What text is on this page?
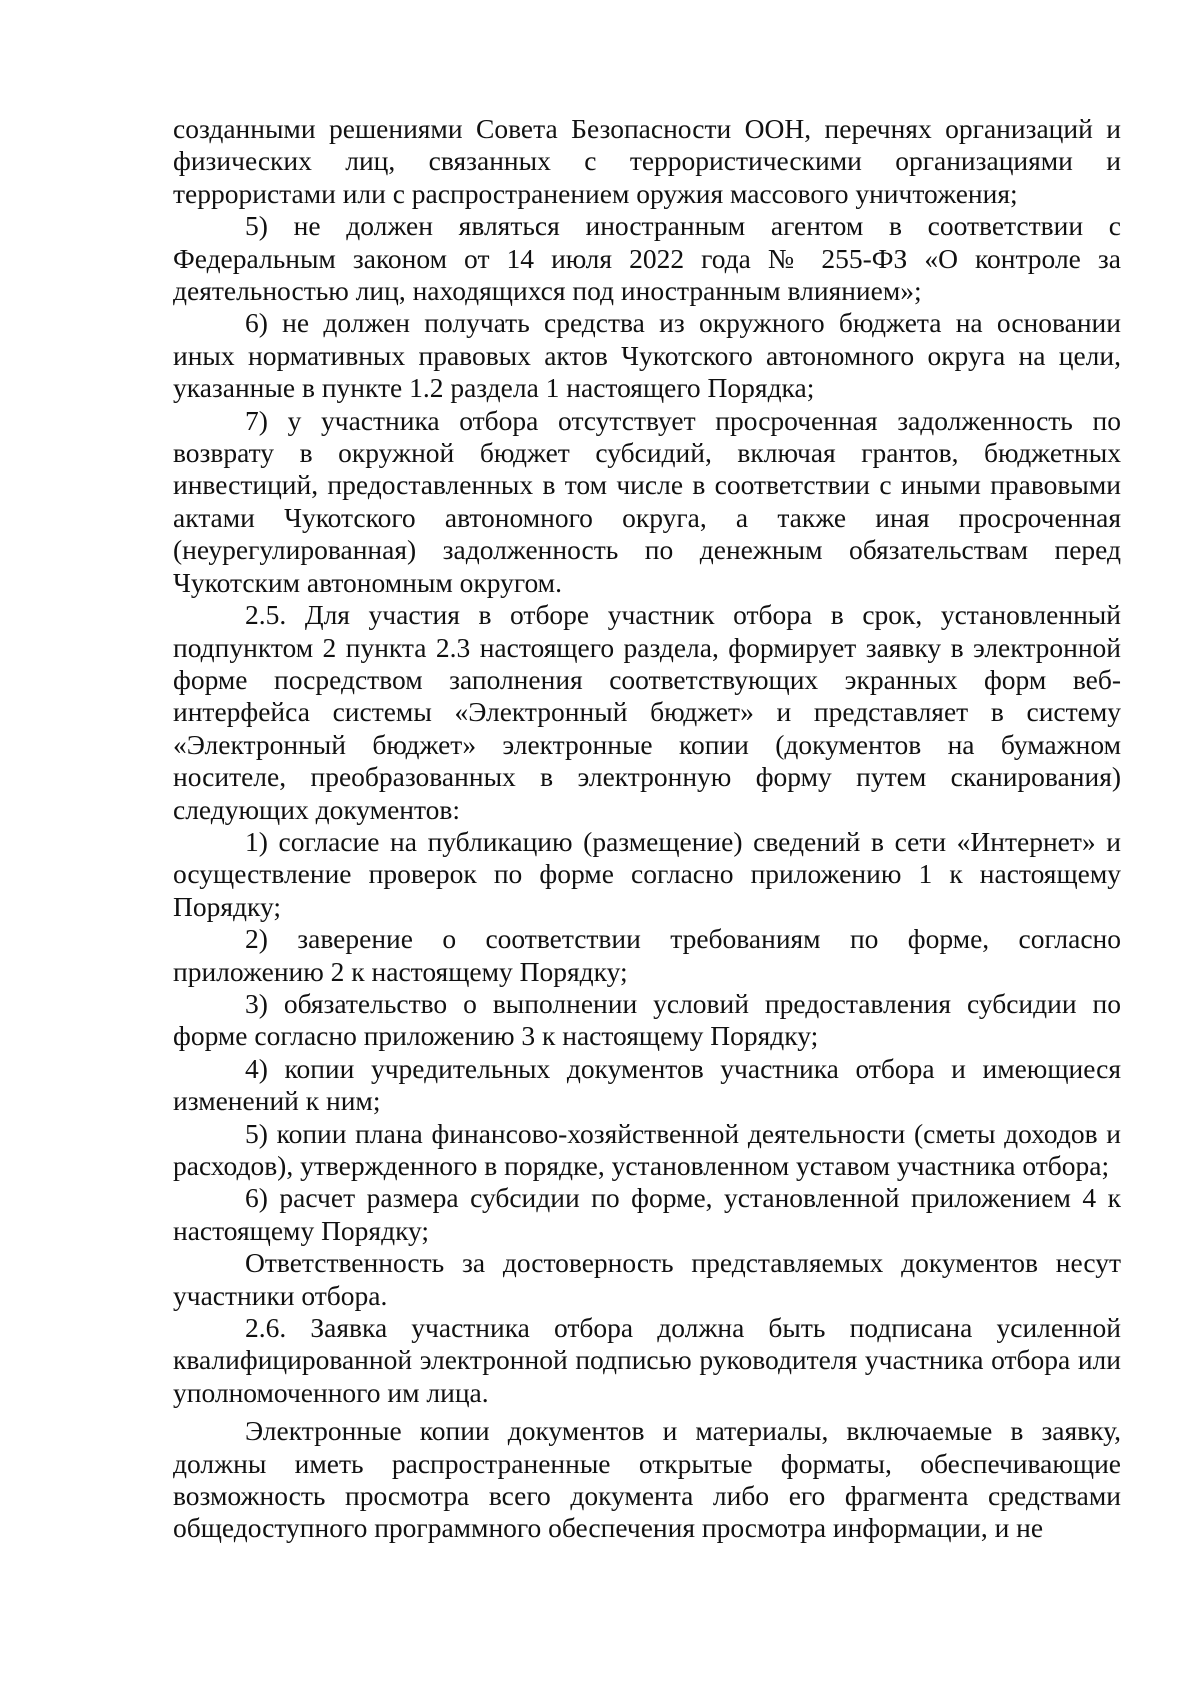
созданными решениями Совета Безопасности ООН, перечнях организаций и физических лиц, связанных с террористическими организациями и террористами или с распространением оружия массового уничтожения;

5) не должен являться иностранным агентом в соответствии с Федеральным законом от 14 июля 2022 года № 255-ФЗ «О контроле за деятельностью лиц, находящихся под иностранным влиянием»;

6) не должен получать средства из окружного бюджета на основании иных нормативных правовых актов Чукотского автономного округа на цели, указанные в пункте 1.2 раздела 1 настоящего Порядка;

7) у участника отбора отсутствует просроченная задолженность по возврату в окружной бюджет субсидий, включая грантов, бюджетных инвестиций, предоставленных в том числе в соответствии с иными правовыми актами Чукотского автономного округа, а также иная просроченная (неурегулированная) задолженность по денежным обязательствам перед Чукотским автономным округом.

2.5. Для участия в отборе участник отбора в срок, установленный подпунктом 2 пункта 2.3 настоящего раздела, формирует заявку в электронной форме посредством заполнения соответствующих экранных форм веб-интерфейса системы «Электронный бюджет» и представляет в систему «Электронный бюджет» электронные копии (документов на бумажном носителе, преобразованных в электронную форму путем сканирования) следующих документов:

1) согласие на публикацию (размещение) сведений в сети «Интернет» и осуществление проверок по форме согласно приложению 1 к настоящему Порядку;

2) заверение о соответствии требованиям по форме, согласно приложению 2 к настоящему Порядку;

3) обязательство о выполнении условий предоставления субсидии по форме согласно приложению 3 к настоящему Порядку;

4) копии учредительных документов участника отбора и имеющиеся изменений к ним;

5) копии плана финансово-хозяйственной деятельности (сметы доходов и расходов), утвержденного в порядке, установленном уставом участника отбора;

6) расчет размера субсидии по форме, установленной приложением 4 к настоящему Порядку;

Ответственность за достоверность представляемых документов несут участники отбора.

2.6. Заявка участника отбора должна быть подписана усиленной квалифицированной электронной подписью руководителя участника отбора или уполномоченного им лица.

Электронные копии документов и материалы, включаемые в заявку, должны иметь распространенные открытые форматы, обеспечивающие возможность просмотра всего документа либо его фрагмента средствами общедоступного программного обеспечения просмотра информации, и не
